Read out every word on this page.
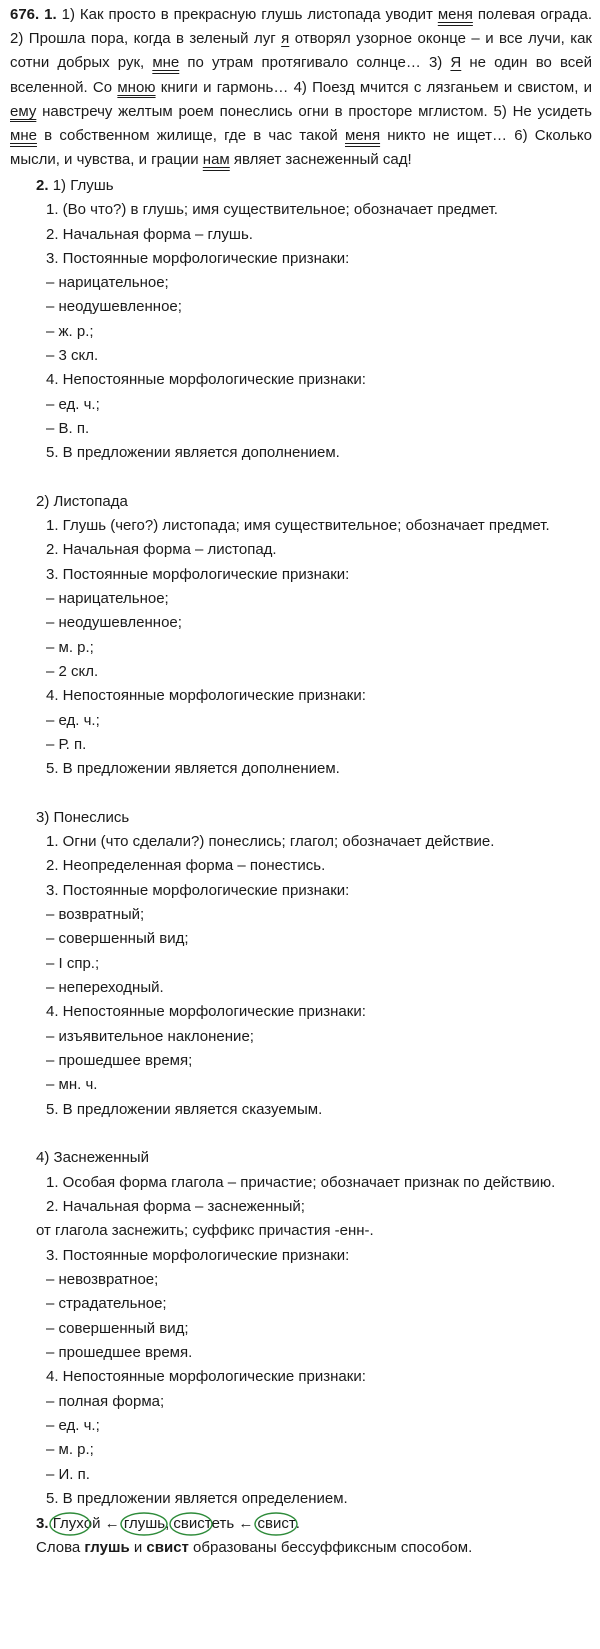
676. 1. 1) Как просто в прекрасную глушь листопада уводит меня полевая ограда. 2) Прошла пора, когда в зеленый луг я отворял узорное оконце – и все лучи, как сотни добрых рук, мне по утрам протягивало солнце… 3) Я не один во всей вселенной. Со мною книги и гармонь… 4) Поезд мчится с лязганьем и свистом, и ему навстречу желтым роем понеслись огни в просторе мглистом. 5) Не усидеть мне в собственном жилище, где в час такой меня никто не ищет… 6) Сколько мысли, и чувства, и грации нам являет заснеженный сад!

2. 1) Глушь
1. (Во что?) в глушь; имя существительное; обозначает предмет.
2. Начальная форма – глушь.
3. Постоянные морфологические признаки:
– нарицательное;
– неодушевленное;
– ж. р.;
– 3 скл.
4. Непостоянные морфологические признаки:
– ед. ч.;
– В. п.
5. В предложении является дополнением.
2) Листопада
1. Глушь (чего?) листопада; имя существительное; обозначает предмет.
2. Начальная форма – листопад.
3. Постоянные морфологические признаки:
– нарицательное;
– неодушевленное;
– м. р.;
– 2 скл.
4. Непостоянные морфологические признаки:
– ед. ч.;
– Р. п.
5. В предложении является дополнением.
3) Понеслись
1. Огни (что сделали?) понеслись; глагол; обозначает действие.
2. Неопределенная форма – понестись.
3. Постоянные морфологические признаки:
– возвратный;
– совершенный вид;
– I спр.;
– непереходный.
4. Непостоянные морфологические признаки:
– изъявительное наклонение;
– прошедшее время;
– мн. ч.
5. В предложении является сказуемым.
4) Заснеженный
1. Особая форма глагола – причастие; обозначает признак по действию.
2. Начальная форма – заснеженный;
от глагола заснежить; суффикс причастия -енн-.
3. Постоянные морфологические признаки:
– невозвратное;
– страдательное;
– совершенный вид;
– прошедшее время.
4. Непостоянные морфологические признаки:
– полная форма;
– ед. ч.;
– м. р.;
– И. п.
5. В предложении является определением.
3. Глухой ← глушь, свистеть ← свист.
Слова глушь и свист образованы бессуффиксным способом.
